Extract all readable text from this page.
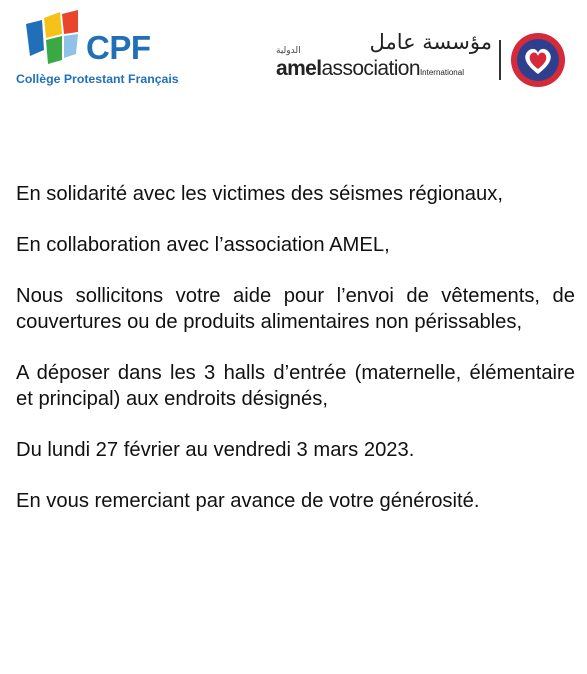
CPF
Collège Protestant Français
مؤسسة عامل
الدولية
amelassociationInternational

En solidarité avec les victimes des séismes régionaux,

En collaboration avec l’association AMEL,

Nous sollicitons votre aide pour l’envoi de vêtements, de couvertures ou de produits alimentaires non périssables,

A déposer dans les 3 halls d’entrée (maternelle, élémentaire et principal) aux endroits désignés,

Du lundi 27 février au vendredi 3 mars 2023.

En vous remerciant par avance de votre générosité.
